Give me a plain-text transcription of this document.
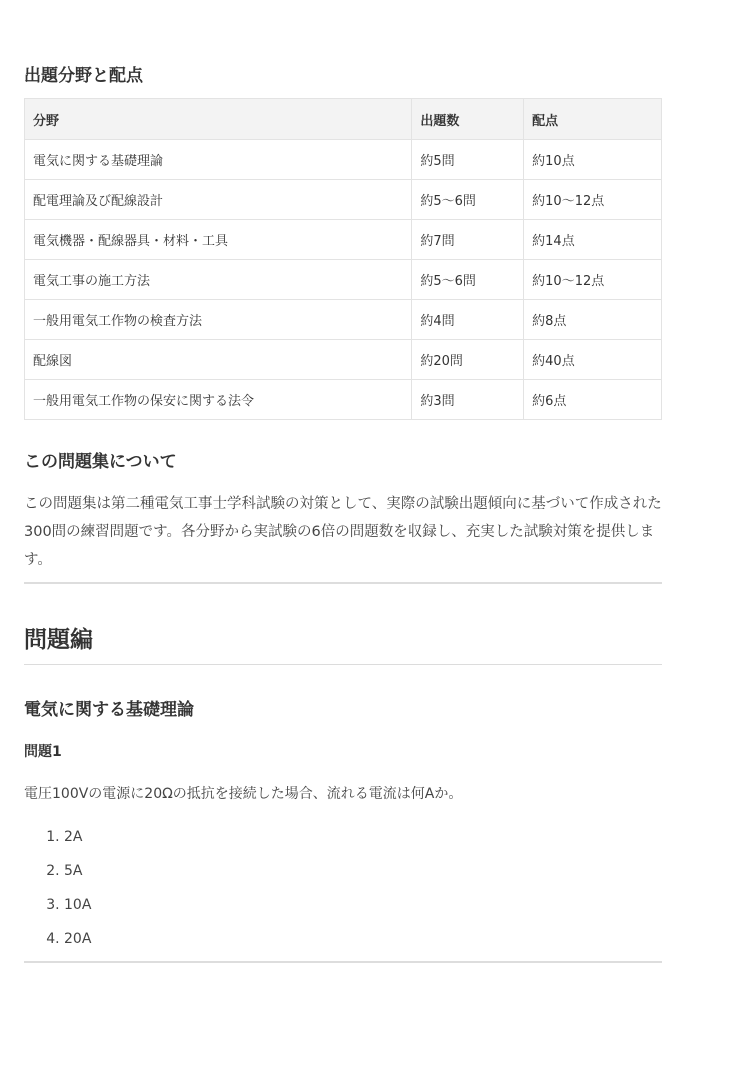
出題分野と配点
分野	出題数	配点
電気に関する基礎理論	約5問	約10点
配電理論及び配線設計	約5〜6問	約10〜12点
電気機器・配線器具・材料・工具	約7問	約14点
電気工事の施工方法	約5〜6問	約10〜12点
一般用電気工作物の検査方法	約4問	約8点
配線図	約20問	約40点
一般用電気工作物の保安に関する法令	約3問	約6点
この問題集について

この問題集は第二種電気工事士学科試験の対策として、実際の試験出題傾向に基づいて作成された300問の練習問題です。各分野から実試験の6倍の問題数を収録し、充実した試験対策を提供します。

問題編
電気に関する基礎理論
問題1

電圧100Vの電源に20Ωの抵抗を接続した場合、流れる電流は何Aか。

1. 2A
2. 5A
3. 10A
4. 20A
